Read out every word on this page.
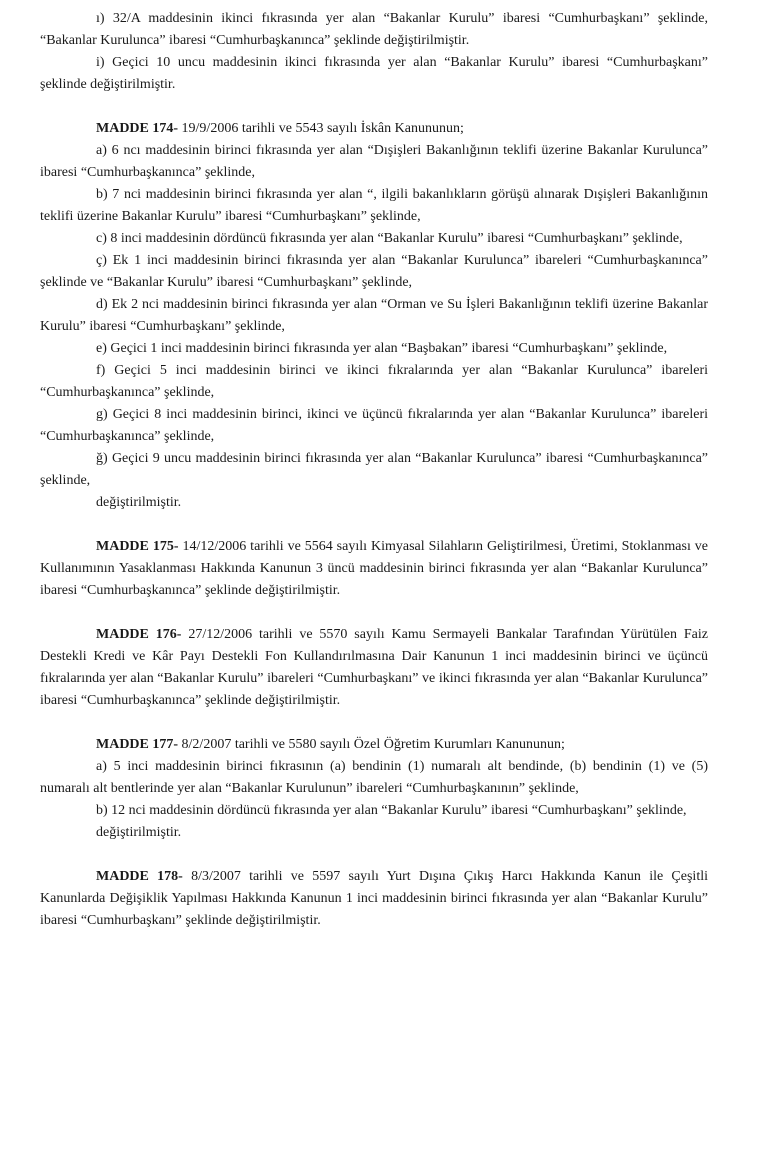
ı) 32/A maddesinin ikinci fıkrasında yer alan “Bakanlar Kurulu” ibaresi “Cumhurbaşkanı” şeklinde, “Bakanlar Kurulunca” ibaresi “Cumhurbaşkanınca” şeklinde değiştirilmiştir.

i) Geçici 10 uncu maddesinin ikinci fıkrasında yer alan “Bakanlar Kurulu” ibaresi “Cumhurbaşkanı” şeklinde değiştirilmiştir.

MADDE 174- 19/9/2006 tarihli ve 5543 sayılı İskân Kanununun;

a) 6 ncı maddesinin birinci fıkrasında yer alan “Dışişleri Bakanlığının teklifi üzerine Bakanlar Kurulunca” ibaresi “Cumhurbaşkanınca” şeklinde,

b) 7 nci maddesinin birinci fıkrasında yer alan “, ilgili bakanlıkların görüşü alınarak Dışişleri Bakanlığının teklifi üzerine Bakanlar Kurulu” ibaresi “Cumhurbaşkanı” şeklinde,

c) 8 inci maddesinin dördüncü fıkrasında yer alan “Bakanlar Kurulu” ibaresi “Cumhurbaşkanı” şeklinde,

ç) Ek 1 inci maddesinin birinci fıkrasında yer alan “Bakanlar Kurulunca” ibareleri “Cumhurbaşkanınca” şeklinde ve “Bakanlar Kurulu” ibaresi “Cumhurbaşkanı” şeklinde,

d) Ek 2 nci maddesinin birinci fıkrasında yer alan “Orman ve Su İşleri Bakanlığının teklifi üzerine Bakanlar Kurulu” ibaresi “Cumhurbaşkanı” şeklinde,

e) Geçici 1 inci maddesinin birinci fıkrasında yer alan “Başbakan” ibaresi “Cumhurbaşkanı” şeklinde,

f) Geçici 5 inci maddesinin birinci ve ikinci fıkralarında yer alan “Bakanlar Kurulunca” ibareleri “Cumhurbaşkanınca” şeklinde,

g) Geçici 8 inci maddesinin birinci, ikinci ve üçüncü fıkralarında yer alan “Bakanlar Kurulunca” ibareleri “Cumhurbaşkanınca” şeklinde,

ğ) Geçici 9 uncu maddesinin birinci fıkrasında yer alan “Bakanlar Kurulunca” ibaresi “Cumhurbaşkanınca” şeklinde,

değiştirilmiştir.

MADDE 175- 14/12/2006 tarihli ve 5564 sayılı Kimyasal Silahların Geliştirilmesi, Üretimi, Stoklanması ve Kullanımının Yasaklanması Hakkında Kanunun 3 üncü maddesinin birinci fıkrasında yer alan “Bakanlar Kurulunca” ibaresi “Cumhurbaşkanınca” şeklinde değiştirilmiştir.

MADDE 176- 27/12/2006 tarihli ve 5570 sayılı Kamu Sermayeli Bankalar Tarafından Yürütülen Faiz Destekli Kredi ve Kâr Payı Destekli Fon Kullandırılmasına Dair Kanunun 1 inci maddesinin birinci ve üçüncü fıkralarında yer alan “Bakanlar Kurulu” ibareleri “Cumhurbaşkanı” ve ikinci fıkrasında yer alan “Bakanlar Kurulunca” ibaresi “Cumhurbaşkanınca” şeklinde değiştirilmiştir.

MADDE 177- 8/2/2007 tarihli ve 5580 sayılı Özel Öğretim Kurumları Kanununun;

a) 5 inci maddesinin birinci fıkrasının (a) bendinin (1) numaralı alt bendinde, (b) bendinin (1) ve (5) numaralı alt bentlerinde yer alan “Bakanlar Kurulunun” ibareleri “Cumhurbaşkanının” şeklinde,

b) 12 nci maddesinin dördüncü fıkrasında yer alan “Bakanlar Kurulu” ibaresi “Cumhurbaşkanı” şeklinde,

değiştirilmiştir.

MADDE 178- 8/3/2007 tarihli ve 5597 sayılı Yurt Dışına Çıkış Harcı Hakkında Kanun ile Çeşitli Kanunlarda Değişiklik Yapılması Hakkında Kanunun 1 inci maddesinin birinci fıkrasında yer alan “Bakanlar Kurulu” ibaresi “Cumhurbaşkanı” şeklinde değiştirilmiştir.
